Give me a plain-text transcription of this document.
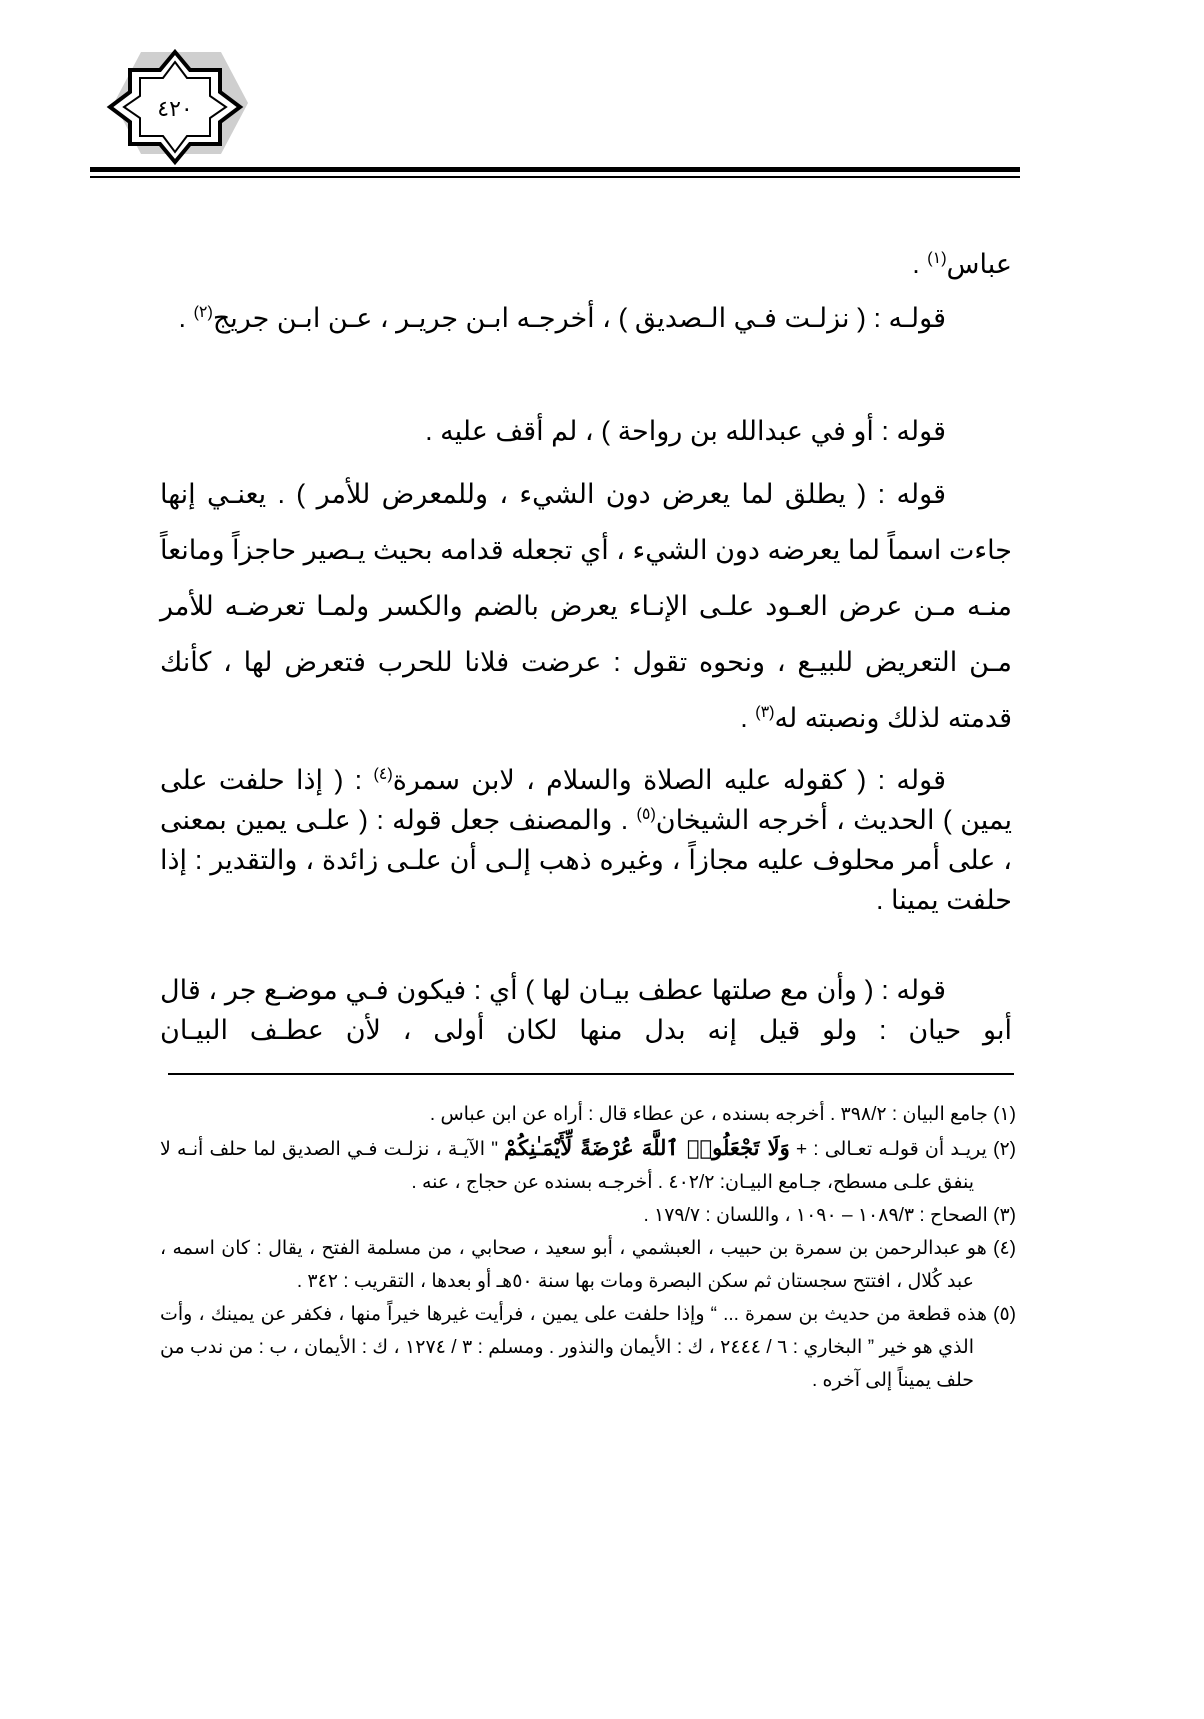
٤٢٠

عباس$^{(١)}$ .

قولـه : ( نزلـت فـي الـصديق ) ، أخرجـه ابـن جريـر ، عـن ابـن جريج$^{(٢)}$ .

قوله : أو في عبدالله بن رواحة ) ، لم أقف عليه .

قوله : ( يطلق لما يعرض دون الشيء ، وللمعرض للأمر ) . يعنـي إنها جاءت اسماً لما يعرضه دون الشيء ، أي تجعله قدامه بحيث يـصير حاجزاً ومانعاً منـه مـن عرض العـود علـى الإنـاء يعرض بالضم والكسر ولمـا تعرضـه للأمر مـن التعريض للبيـع ، ونحوه تقول : عرضت فلانا للحرب فتعرض لها ، كأنك قدمته لذلك ونصبته له$^{(٣)}$ .

قوله : ( كقوله عليه الصلاة والسلام ، لابن سمرة$^{(٤)}$ : ( إذا حلفت على يمين ) الحديث ، أخرجه الشيخان$^{(٥)}$ . والمصنف جعل قوله : ( علـى يمين بمعنى ، على أمر محلوف عليه مجازاً ، وغيره ذهب إلـى أن علـى زائدة ، والتقدير : إذا حلفت يمينا .

قوله : ( وأن مع صلتها عطف بيـان لها ) أي : فيكون فـي موضـع جر ، قال أبو حيان : ولو قيل إنه بدل منها لكان أولى ، لأن عطـف البيـان

(١) جامع البيان : ٣٩٨/٢ . أخرجه بسنده ، عن عطاء قال : أراه عن ابن عباس .

(٢) يريـد أن قولـه تعـالى : + وَلَا تَجْعَلُوا۟ ٱللَّهَ عُرْضَةً لِّأَيْمَـٰنِكُمْ " الآيـة ، نزلـت فـي الصديق لما حلف أنـه لا ينفق علـى مسطح، جـامع البيـان: ٤٠٢/٢ . أخرجـه بسنده عن حجاج ، عنه .

(٣) الصحاح : ١٠٨٩/٣ – ١٠٩٠ ، واللسان : ١٧٩/٧ .

(٤) هو عبدالرحمن بن سمرة بن حبيب ، العبشمي ، أبو سعيد ، صحابي ، من مسلمة الفتح ، يقال : كان اسمه ، عبد كُلال ، افتتح سجستان ثم سكن البصرة ومات بها سنة ٥٠هـ أو بعدها ، التقريب : ٣٤٢ .

(٥) هذه قطعة من حديث بن سمرة ... “ وإذا حلفت على يمين ، فرأيت غيرها خيراً منها ، فكفر عن يمينك ، وأت الذي هو خير ” البخاري : ٦ / ٢٤٤٤ ، ك : الأيمان والنذور . ومسلم : ٣ / ١٢٧٤ ، ك : الأيمان ، ب : من ندب من حلف يميناً إلى آخره .
